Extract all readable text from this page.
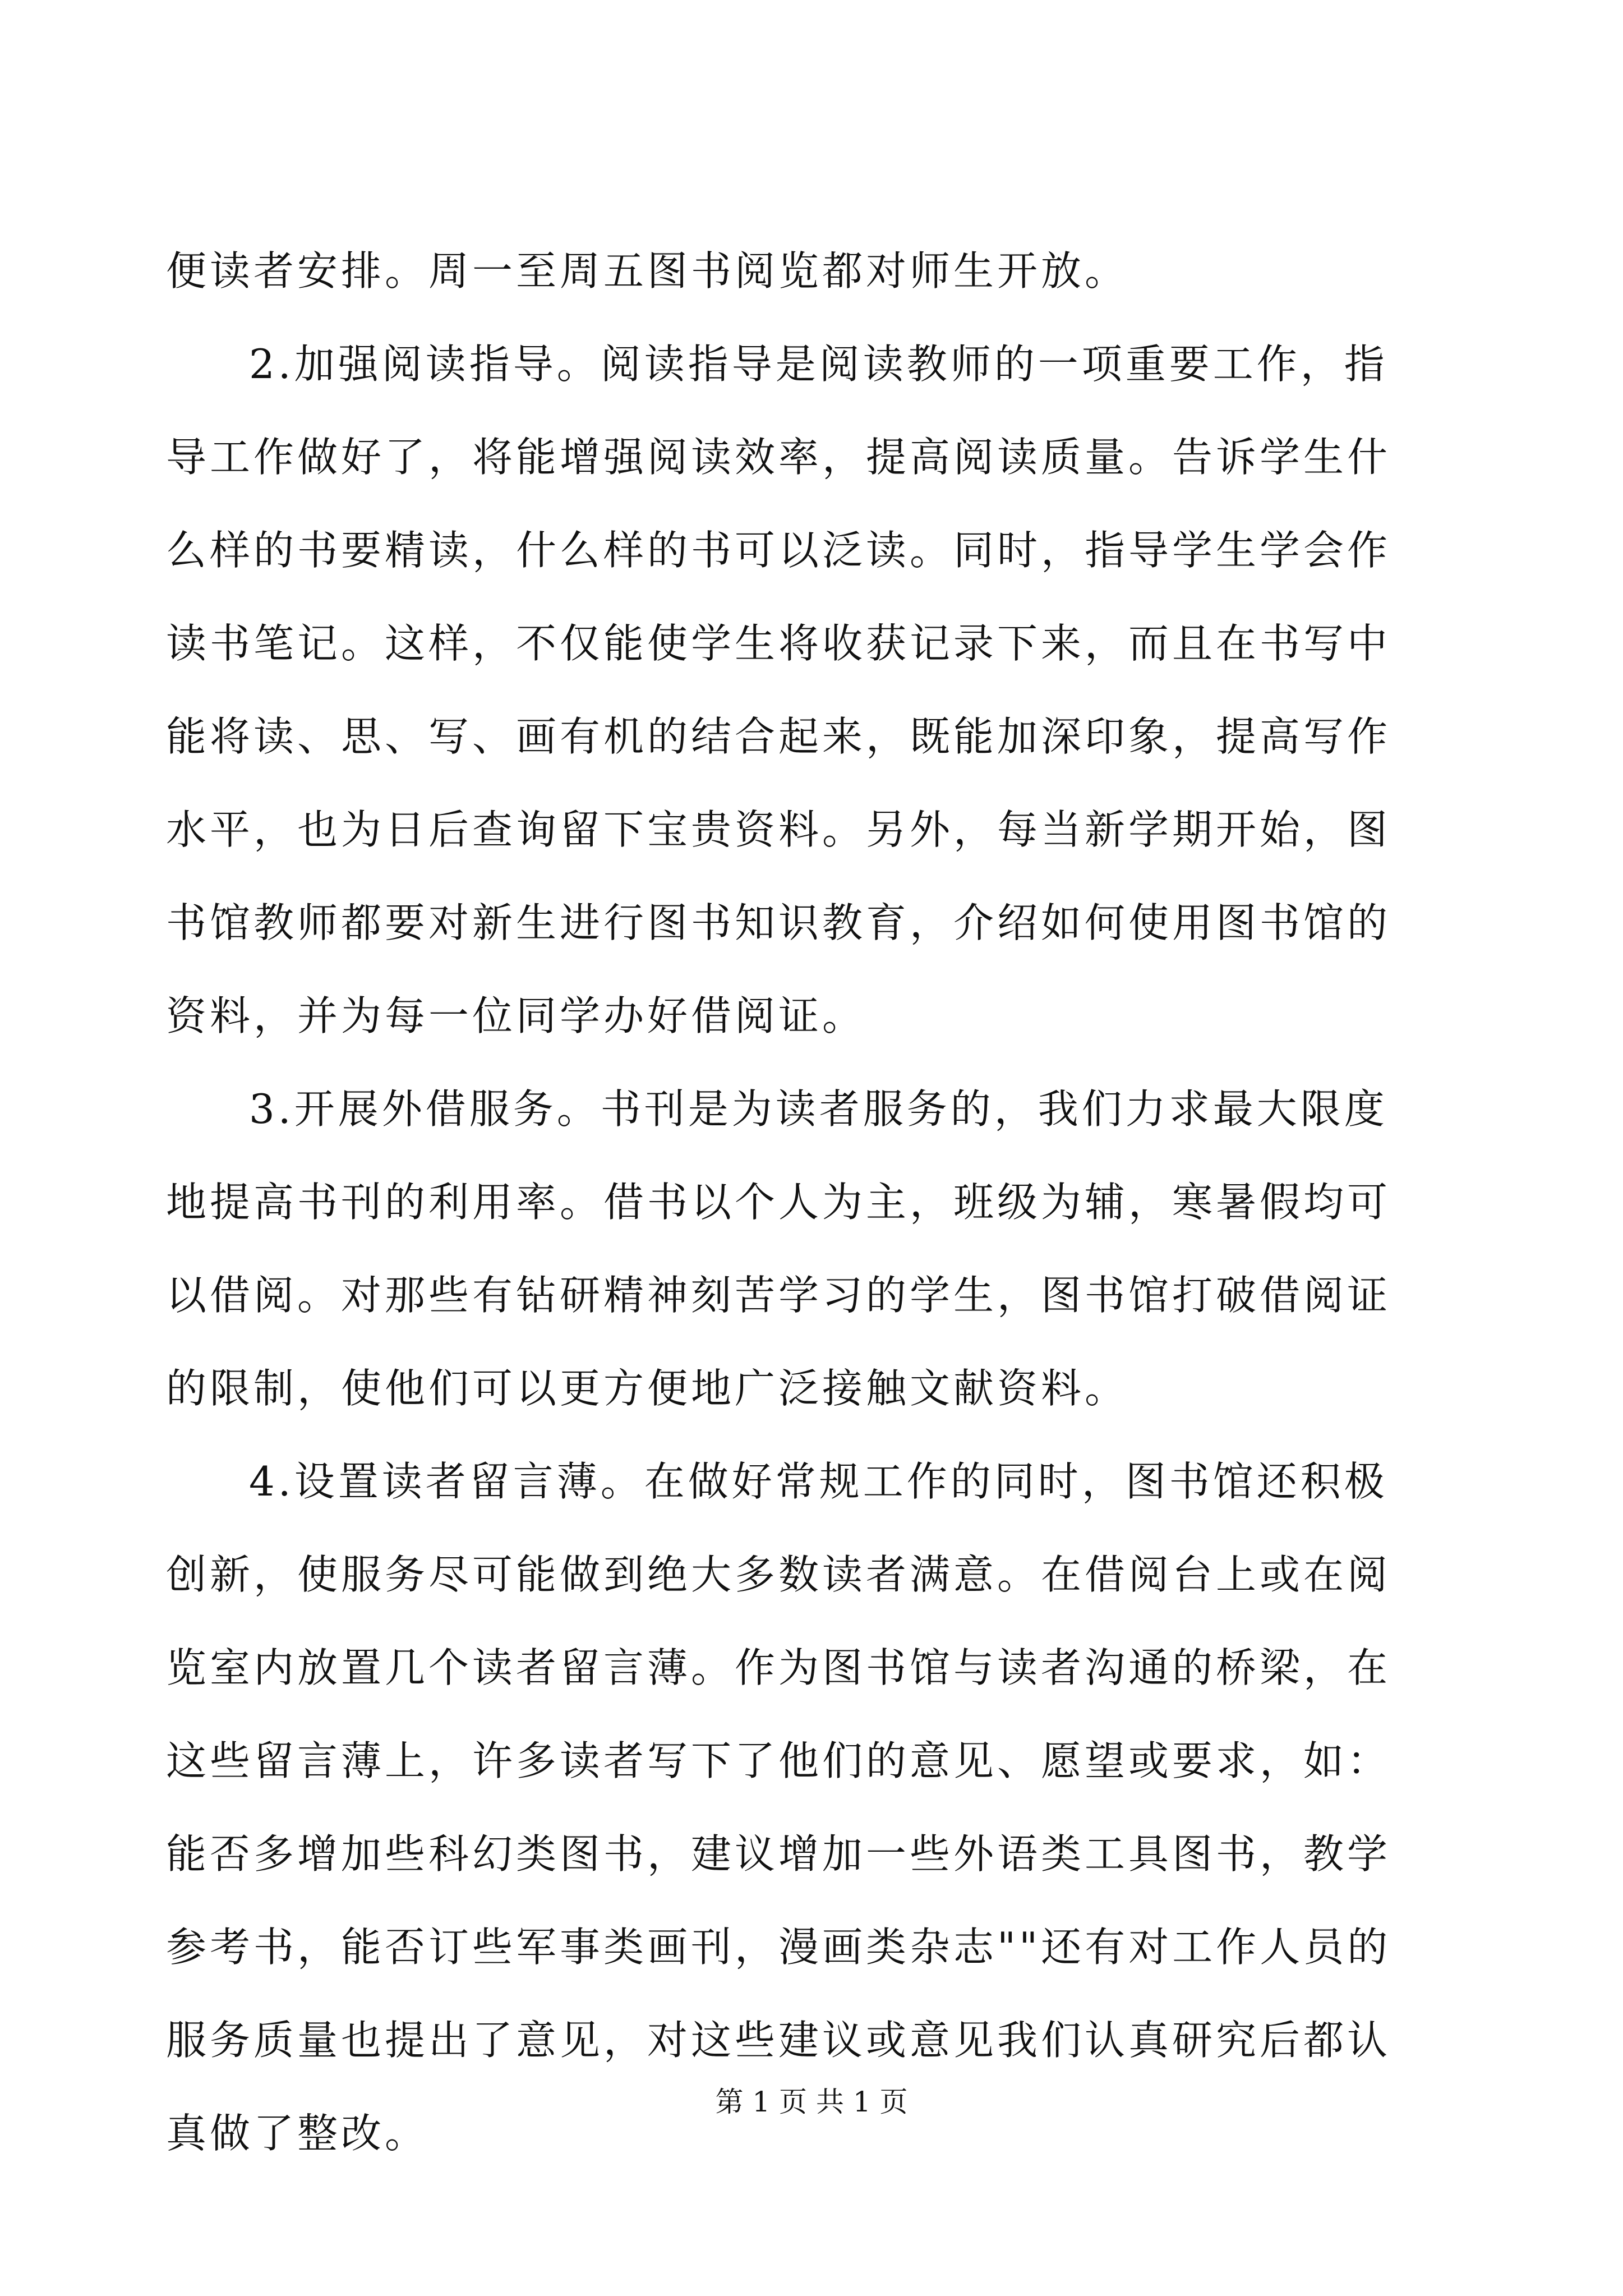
便读者安排。周一至周五图书阅览都对师生开放。
2.加强阅读指导。阅读指导是阅读教师的一项重要工作，指
导工作做好了，将能增强阅读效率，提高阅读质量。告诉学生什
么样的书要精读，什么样的书可以泛读。同时，指导学生学会作
读书笔记。这样，不仅能使学生将收获记录下来，而且在书写中
能将读、思、写、画有机的结合起来，既能加深印象，提高写作
水平，也为日后查询留下宝贵资料。另外，每当新学期开始，图
书馆教师都要对新生进行图书知识教育，介绍如何使用图书馆的
资料，并为每一位同学办好借阅证。
3.开展外借服务。书刊是为读者服务的，我们力求最大限度
地提高书刊的利用率。借书以个人为主，班级为辅，寒暑假均可
以借阅。对那些有钻研精神刻苦学习的学生，图书馆打破借阅证
的限制，使他们可以更方便地广泛接触文献资料。
4.设置读者留言薄。在做好常规工作的同时，图书馆还积极
创新，使服务尽可能做到绝大多数读者满意。在借阅台上或在阅
览室内放置几个读者留言薄。作为图书馆与读者沟通的桥梁，在
这些留言薄上，许多读者写下了他们的意见、愿望或要求，如：
能否多增加些科幻类图书，建议增加一些外语类工具图书，教学
参考书，能否订些军事类画刊，漫画类杂志""还有对工作人员的
服务质量也提出了意见，对这些建议或意见我们认真研究后都认
真做了整改。
第 1 页 共 1 页
